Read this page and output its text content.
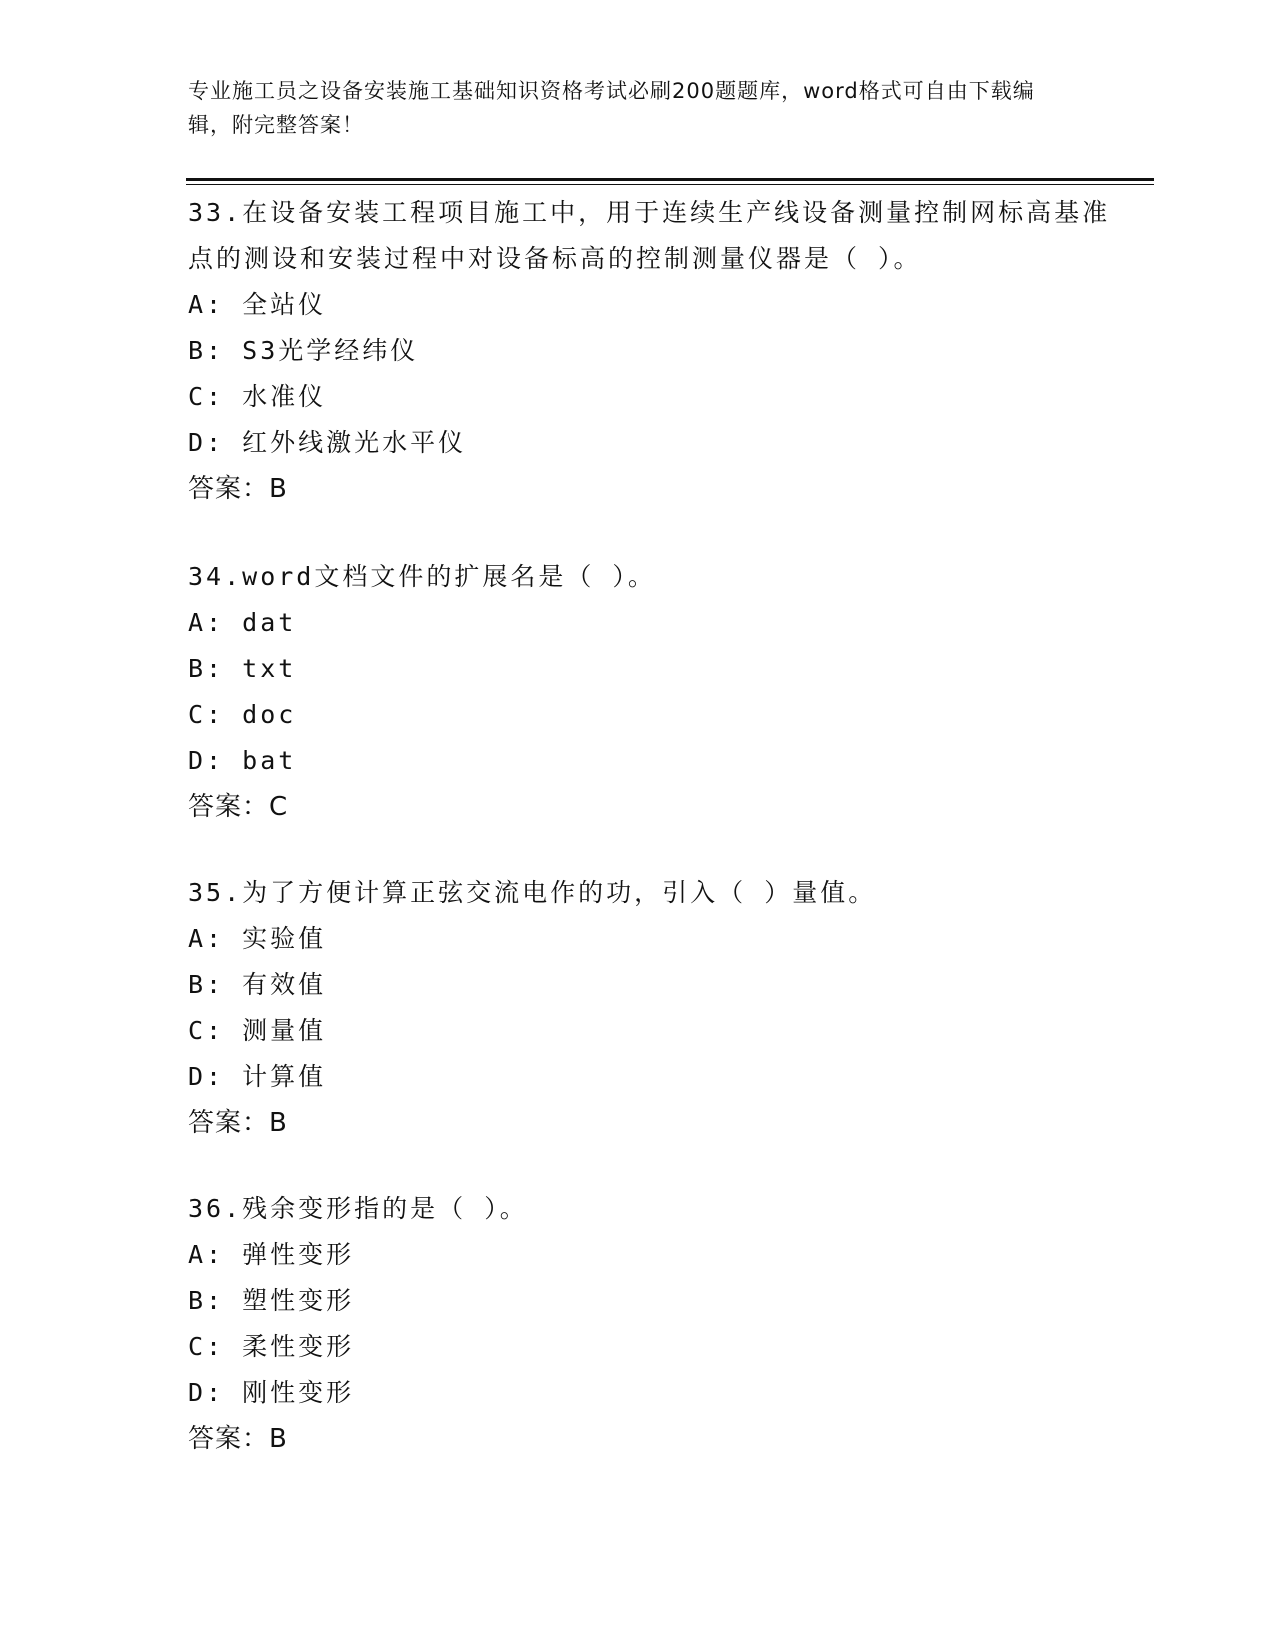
专业施工员之设备安装施工基础知识资格考试必刷200题题库，word格式可自由下载编辑，附完整答案！

33.在设备安装工程项目施工中，用于连续生产线设备测量控制网标高基准点的测设和安装过程中对设备标高的控制测量仪器是（ ）。

A: 全站仪
B: S3光学经纬仪
C: 水准仪
D: 红外线激光水平仪
答案：B

34.word文档文件的扩展名是（ ）。

A: dat
B: txt
C: doc
D: bat
答案：C

35.为了方便计算正弦交流电作的功，引入（ ）量值。

A: 实验值
B: 有效值
C: 测量值
D: 计算值
答案：B

36.残余变形指的是（ ）。

A: 弹性变形
B: 塑性变形
C: 柔性变形
D: 刚性变形
答案：B
